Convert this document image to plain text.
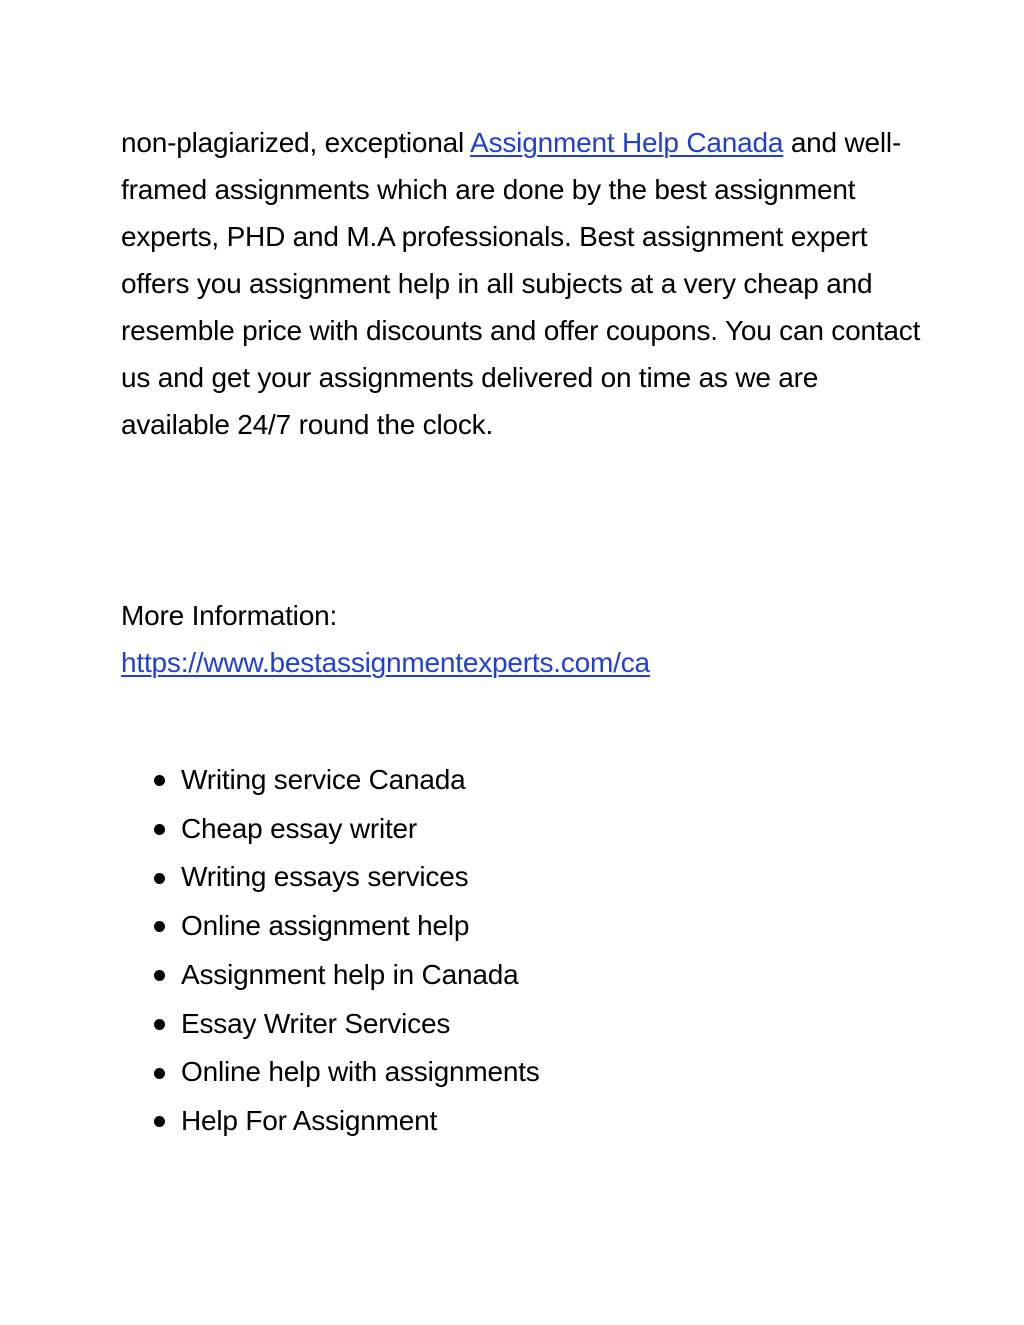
non-plagiarized, exceptional Assignment Help Canada and well-framed assignments which are done by the best assignment experts, PHD and M.A professionals. Best assignment expert offers you assignment help in all subjects at a very cheap and resemble price with discounts and offer coupons. You can contact us and get your assignments delivered on time as we are available 24/7 round the clock.

More Information:
https://www.bestassignmentexperts.com/ca

Writing service Canada
Cheap essay writer
Writing essays services
Online assignment help
Assignment help in Canada
Essay Writer Services
Online help with assignments
Help For Assignment
